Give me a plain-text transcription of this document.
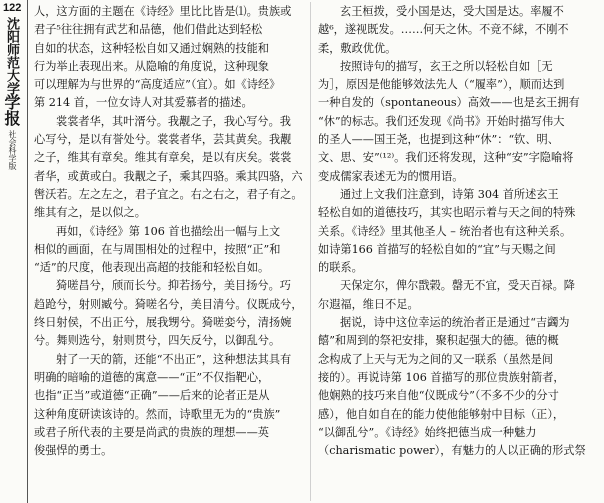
122
沈阳师范大学
学报
社会科学版
人，这方面的主题在《诗经》里比比皆是⑴。贵族或
君子⁵往往拥有武艺和品德，他们借此达到轻松
自如的状态，这种轻松自如又通过娴熟的技能和
行为举止表现出来。从隐喻的角度说，这种现象
可以理解为与世界的“高度适应”（宜）。如《诗经》
第 214 首，一位女诗人对其爱慕者的描述。
裳裳者华，其叶湑兮。我觏之子，我心写兮。我
心写兮，是以有誉处兮。裳裳者华，芸其黄矣。我觏
之子，维其有章矣。维其有章矣，是以有庆矣。裳裳
者华，或黄或白。我觏之子，乘其四骆。乘其四骆，六
辔沃若。左之左之，君子宜之。右之右之，君子有之。
维其有之，是以似之。
再如，《诗经》第 106 首也描绘出一幅与上文
相似的画面，在与周围相处的过程中，按照“正”和
“适”的尺度，他表现出高超的技能和轻松自如。
猗嗟昌兮，颀而长兮。抑若扬兮，美目扬兮。巧
趋跄兮，射则臧兮。猗嗟名兮，美目清兮。仪既成兮，
终日射侯，不出正兮，展我甥兮。猗嗟娈兮，清扬婉
兮。舞则选兮，射则贯兮，四矢反兮，以御乱兮。
射了一天的箭，还能“不出正”，这种想法其具有
明确的暗喻的道德的寓意——“正”不仅指靶心，
也指“正当”或道德“正确”——后来的论者正是从
这种角度研读该诗的。然而，诗歌里无为的“贵族”
或君子所代表的主要是尚武的贵族的理想——英
俊强悍的勇士。
玄王桓拨，受小国是达，受大国是达。率履不
越⁶，遂视既发。……何天之休。不竞不絿，不刚不
柔，敷政优优。
按照诗句的描写，玄王之所以轻松自如［无
为］，原因是他能够效法先人（“履率”），顺而达到
一种自发的（spontaneous）高效——也是玄王拥有
“休”的标志。我们还发现《尚书》开始时描写伟大
的圣人——国王尧，也提到这种“休”：“钦、明、
文、思、安”⁽¹²⁾。我们还将发现，这种“安”字隐喻将
变成儒家表述无为的惯用语。
通过上文我们注意到，诗第 304 首所述玄王
轻松自如的道德技巧，其实也昭示着与天之间的特殊
关系。《诗经》里其他圣人 – 统治者也有这种关系。
如诗第166 首描写的轻松自如的“宜”与天赐之间
的联系。
天保定尔，俾尔戬榖。罄无不宜，受天百禄。降
尔遐福，维日不足。
据说，诗中这位幸运的统治者正是通过“吉蠲为
饎”和周到的祭祀安排，聚积起强大的德。德的概
念构成了上天与无为之间的又一联系（虽然是间
接的）。再说诗第 106 首描写的那位贵族射箭者，
他娴熟的技巧来自他“仪既成兮”（不多不少的分寸
感），他自如自在的能力使他能够射中目标（正），
“以御乱兮”。《诗经》始终把德当成一种魅力
（charismatic power），有魅力的人以正确的形式祭
